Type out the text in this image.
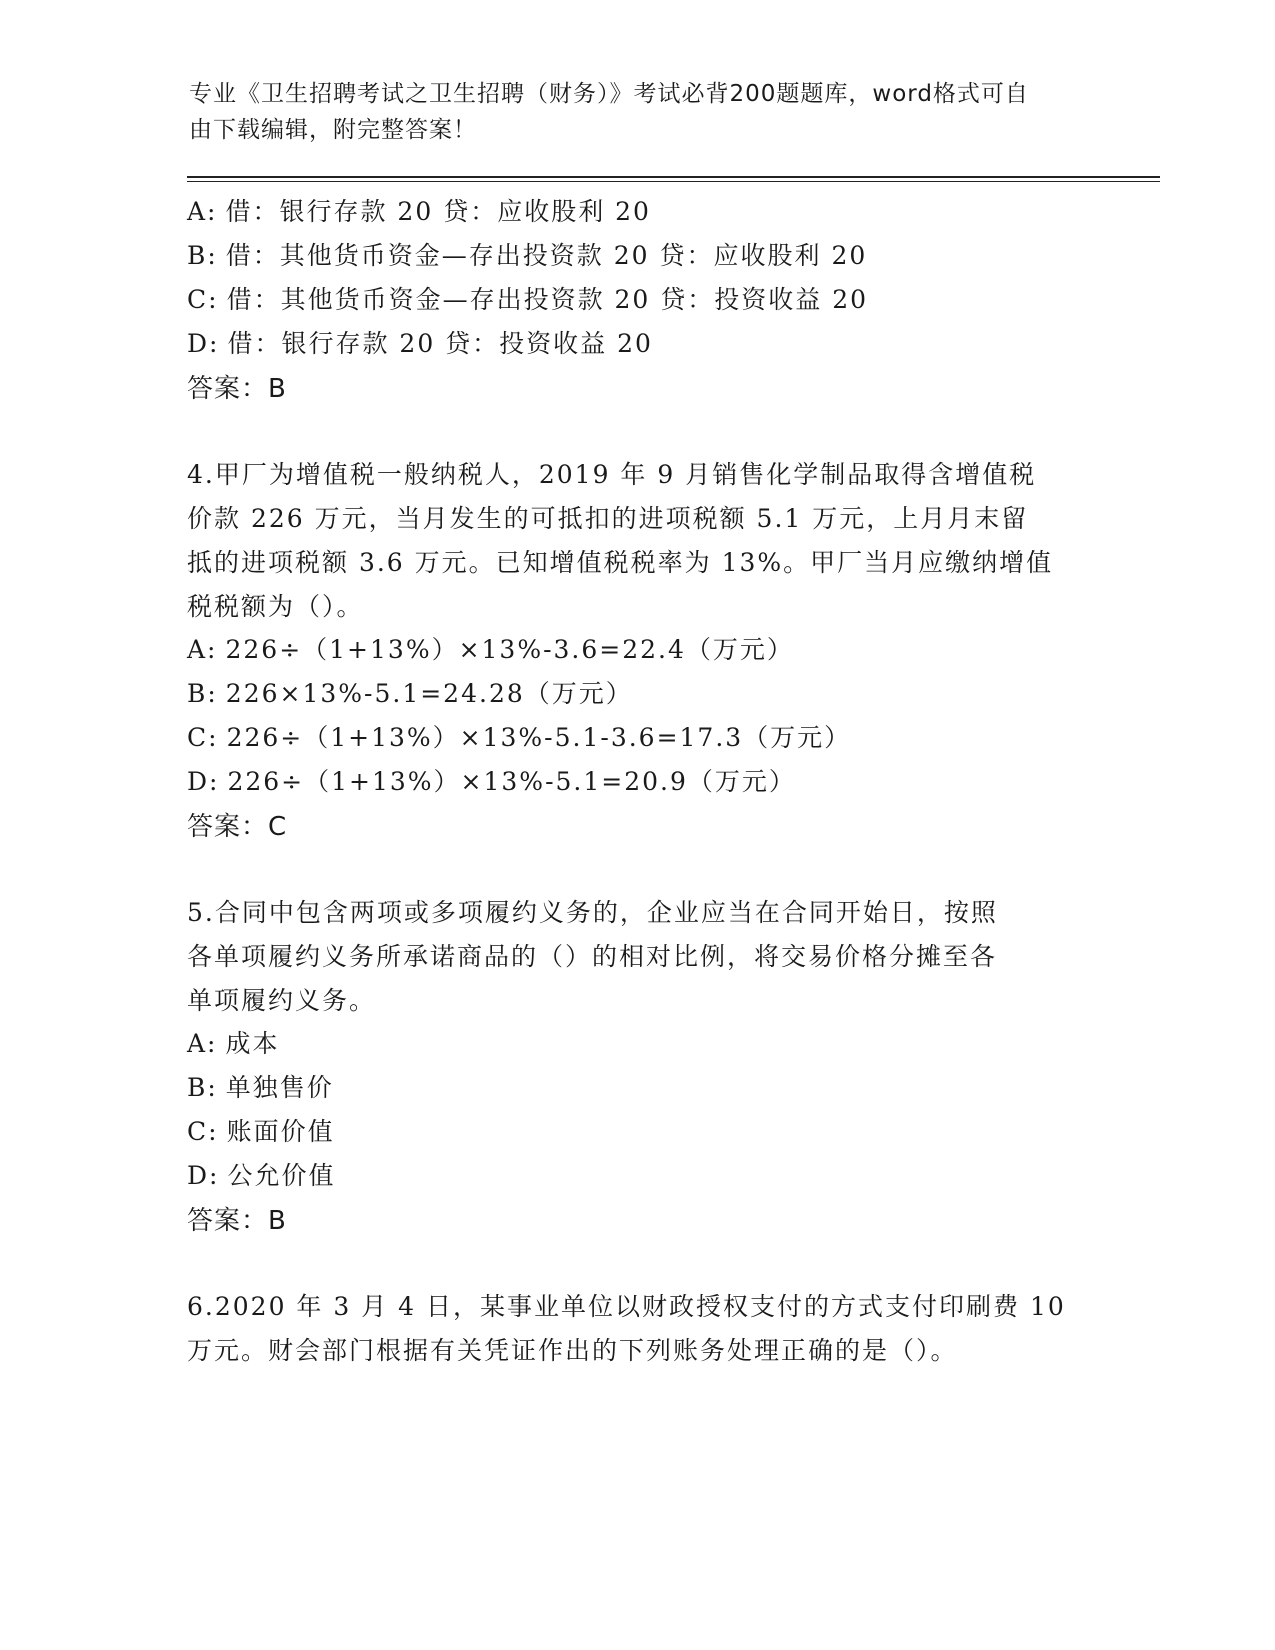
专业《卫生招聘考试之卫生招聘（财务）》考试必背200题题库，word格式可自
由下载编辑，附完整答案！
A: 借：银行存款 20 贷：应收股利 20
B: 借：其他货币资金—存出投资款 20 贷：应收股利 20
C: 借：其他货币资金—存出投资款 20 贷：投资收益 20
D: 借：银行存款 20 贷：投资收益 20
答案：B
4.甲厂为增值税一般纳税人，2019 年 9 月销售化学制品取得含增值税
价款 226 万元，当月发生的可抵扣的进项税额 5.1 万元，上月月末留
抵的进项税额 3.6 万元。已知增值税税率为 13%。甲厂当月应缴纳增值
税税额为（）。
A: 226÷（1+13%）×13%-3.6=22.4（万元）
B: 226×13%-5.1=24.28（万元）
C: 226÷（1+13%）×13%-5.1-3.6=17.3（万元）
D: 226÷（1+13%）×13%-5.1=20.9（万元）
答案：C
5.合同中包含两项或多项履约义务的，企业应当在合同开始日，按照
各单项履约义务所承诺商品的（）的相对比例，将交易价格分摊至各
单项履约义务。
A: 成本
B: 单独售价
C: 账面价值
D: 公允价值
答案：B
6.2020 年 3 月 4 日，某事业单位以财政授权支付的方式支付印刷费 10
万元。财会部门根据有关凭证作出的下列账务处理正确的是（）。
